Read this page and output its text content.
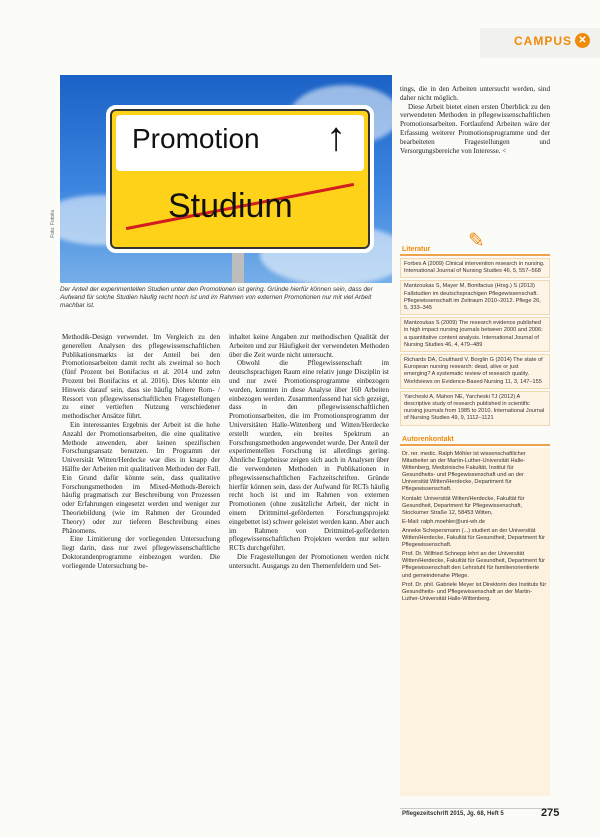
CAMPUS ✕
Promotion ↑
Studium
Foto: Fotolia
Der Anteil der experimentellen Studien unter den Promotionen ist gering. Gründe hierfür können sein, dass der Aufwand für solche Studien häufig recht hoch ist und im Rahmen von externen Promotionen nur mit viel Arbeit machbar ist.

Methodik-Design verwendet. Im Vergleich zu den generellen Analysen des pflegewissenschaftlichen Publikationsmarkts ist der Anteil bei den Promotionsarbeiten damit recht als zweimal so hoch (fünf Prozent bei Bonifacius et al. 2014 und zehn Prozent bei Bonifacius et al. 2016). Dies könnte ein Hinweis darauf sein, dass sie häufig höhere Rom- / Ressort von pflegewissenschaftlichen Fragestellungen zu einer vertieften Nutzung verschiedener methodischer Ansätze führt.

Ein interessantes Ergebnis der Arbeit ist die hohe Anzahl der Promotionsarbeiten, die eine qualitative Methode anwenden, aber keinen spezifischen Forschungsansatz benutzen. Im Programm der Universität Witten/Herdecke war dies in knapp der Hälfte der Arbeiten mit qualitativen Methoden der Fall. Ein Grund dafür könnte sein, dass qualitative Forschungsmethoden im Mixed-Methods-Bereich häufig pragmatisch zur Beschreibung von Prozessen oder Erfahrungen eingesetzt werden und weniger zur Theoriebildung (wie im Rahmen der Grounded Theory) oder zur tieferen Beschreibung eines Phänomens.

Eine Limitierung der vorliegenden Untersuchung liegt darin, dass nur zwei pflegewissenschaftliche Doktorandenprogramme einbezogen wurden. Die vorliegende Untersuchung be-

inhaltet keine Angaben zur methodischen Qualität der Arbeiten und zur Häufigkeit der verwendeten Methoden über die Zeit wurde nicht untersucht.

Obwohl die Pflegewissenschaft im deutschsprachigen Raum eine relativ junge Disziplin ist und nur zwei Promotionsprogramme einbezogen wurden, konnten in diese Analyse über 160 Arbeiten einbezogen werden. Zusammenfassend hat sich gezeigt, dass in den pflegewissenschaftlichen Promotionsarbeiten, die im Promotionsprogramm der Universitäten Halle-Wittenberg und Witten/Herdecke erstellt wurden, ein breites Spektrum an Forschungsmethoden angewendet wurde. Der Anteil der experimentellen Forschung ist allerdings gering. Ähnliche Ergebnisse zeigen sich auch in Analysen über die verwendeten Methoden in Publikationen in pflegewissenschaftlichen Fachzeitschriften. Gründe hierfür können sein, dass der Aufwand für RCTs häufig recht hoch ist und im Rahmen von externen Promotionen (ohne zusätzliche Arbeit, der nicht in einem Drittmittel-geförderten Forschungsprojekt eingebettet ist) schwer geleistet werden kann. Aber auch im Rahmen von Drittmittel-geförderten pflegewissenschaftlichen Projekten werden nur selten RCTs durchgeführt.

Die Fragestellungen der Promotionen werden nicht untersucht. Ausgangs zu den Themenfeldern und Set-

tings, die in den Arbeiten untersucht werden, sind daher nicht möglich.

Diese Arbeit bietet einen ersten Überblick zu den verwendeten Methoden in pflegewissenschaftlichen Promotionsarbeiten. Fortlaufend Arbeiten wäre der Erfassung weiterer Promotionsprogramme und der bearbeiteten Fragestellungen und Versorgungsbereiche von Interesse. <

✎
Literatur
Forbes A (2009) Clinical intervention research in nursing. International Journal of Nursing Studies 46, 5, 557–568
Mantzoukas S, Mayer M, Bonifacius (Hrsg.) S (2013) Fallstudien im deutschsprachigen Pflegewissenschaft. Pflegewissenschaft im Zeitraum 2010–2012. Pflege 26, 5, 333–345
Mantzoukas S (2009) The research evidence published in high impact nursing journals between 2000 and 2006: a quantitative content analysis. International Journal of Nursing Studies 46, 4, 479–489
Richards DA, Coulthard V, Borglin G (2014) The state of European nursing research: dead, alive or just emerging? A systematic review of research quality. Worldviews on Evidence-Based Nursing 11, 3, 147–155
Yarcheski A, Mahon NE, Yarcheski TJ (2012) A descriptive study of research published in scientific nursing journals from 1985 to 2010. International Journal of Nursing Studies 49, 9, 1112–1121
Autorenkontakt

Dr. rer. medic. Ralph Möhler ist wissenschaftlicher Mitarbeiter an der Martin-Luther-Universität Halle-Wittenberg, Medizinische Fakultät, Institut für Gesundheits- und Pflegewissenschaft und an der Universität Witten/Herdecke, Department für Pflegewissenschaft.

Kontakt: Universität Witten/Herdecke, Fakultät für Gesundheit, Department für Pflegewissenschaft, Stockumer Straße 12, 58453 Witten,

E-Mail: ralph.moehler@uni-wh.de

Anneke Schepersmann (...) studiert an der Universität Witten/Herdecke, Fakultät für Gesundheit, Department für Pflegewissenschaft.

Prof. Dr. Wilfried Schnepp lehrt an der Universität Witten/Herdecke, Fakultät für Gesundheit, Department für Pflegewissenschaft den Lehrstuhl für familienorientierte und gemeindenahe Pflege.

Prof. Dr. phil. Gabriele Meyer ist Direktorin des Instituts für Gesundheits- und Pflegewissenschaft an der Martin-Luther-Universität Halle-Wittenberg.

Pflegezeitschrift 2015, Jg. 68, Heft 5	275
